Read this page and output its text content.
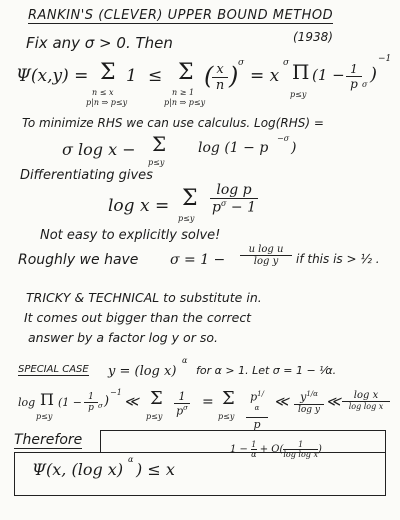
RANKIN'S (CLEVER) UPPER BOUND METHOD
Fix any σ > 0. Then	(1938)
Ψ(x,y) = Σ
n ≤ x
p|n ⇒ p≤y
1 ≤ Σ
n ≥ 1
p|n ⇒ p≤y
(
$\frac{x}{n}$ ) σ
= x
σ Π
p≤y
($1 - \frac{1}{p}$ σ )
−1
To minimize RHS we can use calculus. Log(RHS) =
σ log x − Σ
p≤y
log (1 − p
−σ
)
Differentiating gives
log x = Σ
p≤y
$\frac{\text{log p}}{p^\sigma - 1}$
Not easy to explicitly solve!
Roughly we have $\sigma = 1 - \frac{\text{u log u}}{\text{log y}}$ if this is > ½ .
TRICKY & TECHNICAL to substitute in.
It comes out bigger than the correct
answer by a factor log y or so.
SPECIAL CASE y = (log x)
α
for α > 1. Let σ = 1 − ¹⁄α.
log Π
p≤y
($1 - \frac{1}{p}$ σ )
−1
≪ Σ
$p\le y \frac{1}{p^\sigma} = \Sigma$
$p\le y \frac{p^{1/\alpha}}{p}$ ≪	$y^{1/\alpha}$
log y ≪	log x
log log x
Therefore
Ψ(x, (log x)
α
) ≤ x
$1 - \frac{1}{\alpha} + O( \frac{1}{\text{log log x}}$ )
